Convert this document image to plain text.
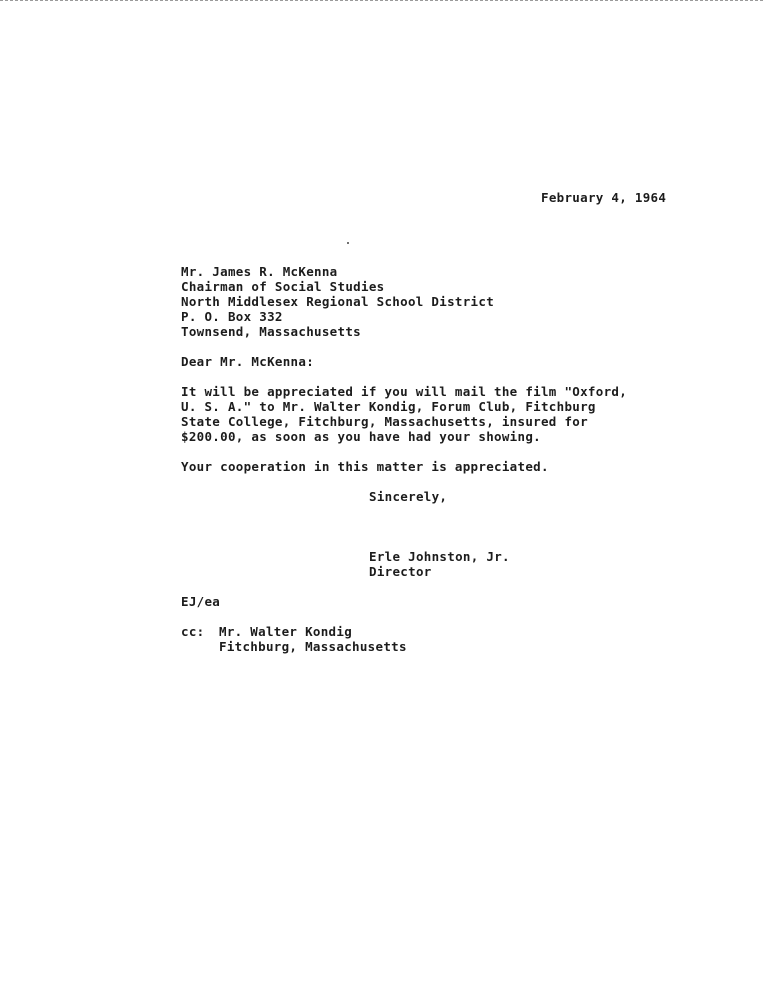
February 4, 1964
Mr. James R. McKenna
Chairman of Social Studies
North Middlesex Regional School District
P. O. Box 332
Townsend, Massachusetts
Dear Mr. McKenna:
It will be appreciated if you will mail the film "Oxford,
U. S. A." to Mr. Walter Kondig, Forum Club, Fitchburg
State College, Fitchburg, Massachusetts, insured for
$200.00, as soon as you have had your showing.
Your cooperation in this matter is appreciated.
Sincerely,
Erle Johnston, Jr.
Director
EJ/ea
cc: Mr. Walter Kondig
Fitchburg, Massachusetts
